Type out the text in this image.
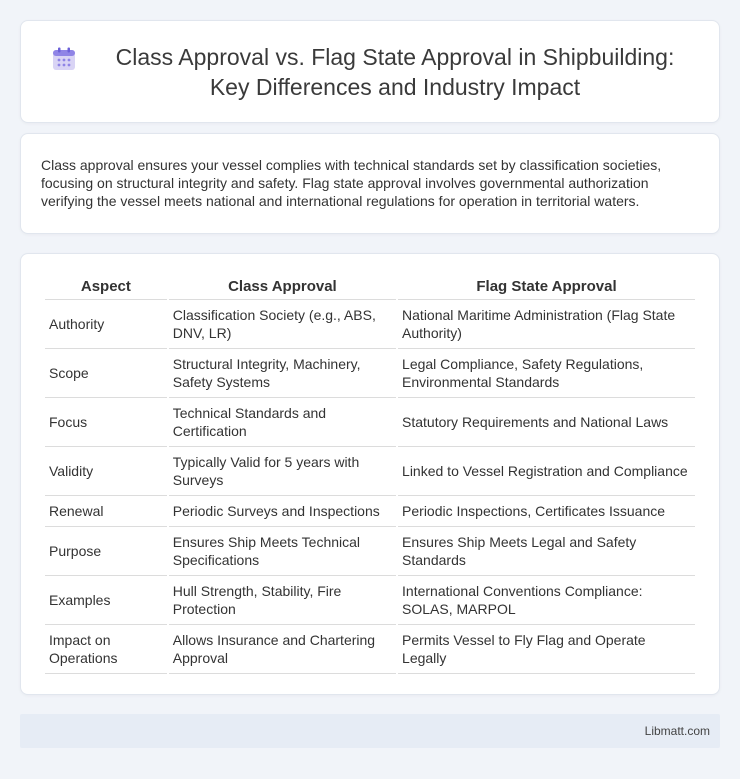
Class Approval vs. Flag State Approval in Shipbuilding: Key Differences and Industry Impact

Class approval ensures your vessel complies with technical standards set by classification societies, focusing on structural integrity and safety. Flag state approval involves governmental authorization verifying the vessel meets national and international regulations for operation in territorial waters.

Aspect	Class Approval	Flag State Approval
Authority	Classification Society (e.g., ABS, DNV, LR)	National Maritime Administration (Flag State Authority)
Scope	Structural Integrity, Machinery, Safety Systems	Legal Compliance, Safety Regulations, Environmental Standards
Focus	Technical Standards and Certification	Statutory Requirements and National Laws
Validity	Typically Valid for 5 years with Surveys	Linked to Vessel Registration and Compliance
Renewal	Periodic Surveys and Inspections	Periodic Inspections, Certificates Issuance
Purpose	Ensures Ship Meets Technical Specifications	Ensures Ship Meets Legal and Safety Standards
Examples	Hull Strength, Stability, Fire Protection	International Conventions Compliance: SOLAS, MARPOL
Impact on Operations	Allows Insurance and Chartering Approval	Permits Vessel to Fly Flag and Operate Legally
Libmatt.com
